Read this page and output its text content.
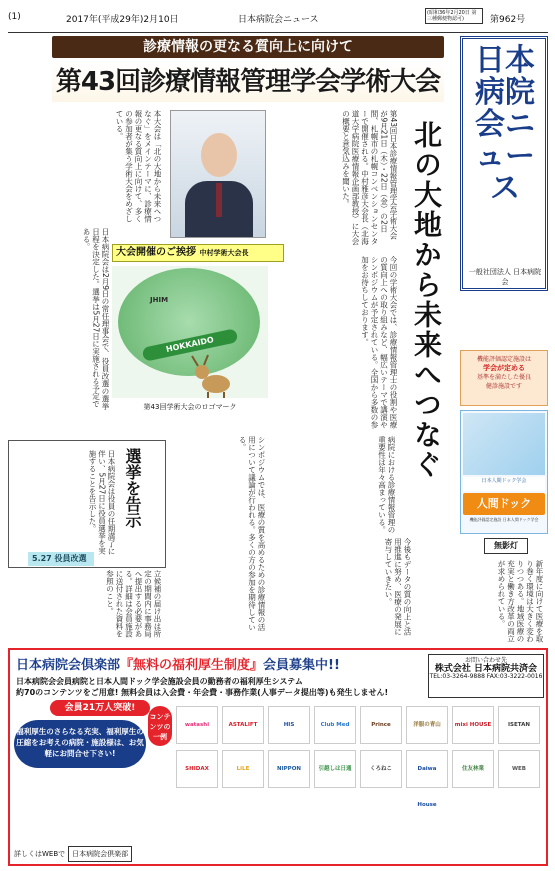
(1)	2017年(平成29年)2月10日	日本病院会ニュース
(昭和36年2月20日 第三種郵便物認可)	第962号
診療情報の更なる質向上に向けて
第43回診療情報管理学会学術大会
日本病院会ニュース
一般社団法人 日本病院会
機能評価認定施設は
学会が定める
基準を満たした優良
健診施設です
日本人間ドック学会
人間ドック
機能評価認定施設 日本人間ドック学会
北の大地から未来へつなぐ
第43回日本診療情報管理学会学術大会が9月21日（木）・22日（金）の2日間、札幌市の札幌コンベンションセンターで開催される。中村雅彦大会長（北海道大学病院医療情報企画部教授）に大会の概要と意気込みを聞いた。
本大会は「北の大地から未来へつなぐ」をメインテーマに、診療情報の更なる質向上に向けて、多くの参加者が集う学術大会をめざしている。
大会開催のご挨拶 中村学術大会長
今回の学術大会では、診療情報管理士の役割や医療の質向上への取り組みなど、幅広いテーマで講演やシンポジウムが予定されている。全国から多数の参加をお待ちしております。
JHIM
HOKKAIDO
第43回学術大会のロゴマーク
日本病院会は2月9日の常任理事会で、役員改選の選挙日程を決定した。選挙は5月27日に実施される予定である。
選挙を告示
日本病院会は役員の任期満了に伴い、5月27日に役員選挙を実施することを告示した。
5.27 役員改選
立候補の届け出は所定の期間内に事務局へ提出する必要がある。詳細は会員施設に送付された資料を参照のこと。	シンポジウムでは、医療の質を高めるための診療情報の活用について議論が行われる。多くの方の参加を期待している。	病院における診療情報管理の重要性は年々高まっている。
今後もデータの質の向上と活用推進に努め、医療の発展に寄与していきたい。	無影灯
新年度に向けて医療を取り巻く環境は大きく変わりつつある。地域医療の充実と働き方改革の両立が求められている。
日本病院会倶楽部『無料の福利厚生制度』会員募集中!!	お問い合わせ先
株式会社 日本病院共済会
TEL:03-3264-9888 FAX:03-3222-0016
日本病院会会員病院と日本人間ドック学会施設会員の勤務者の福利厚生システム
約70のコンテンツをご用意! 無料会員は入会費・年会費・事務作業(人事データ提出等)も発生しません!
会員21万人突破!
福利厚生のさらなる充実、福利厚生の圧縮をお考えの病院・施設様は、お気軽にお問合せ下さい!
コンテンツの一例
watashi	ASTALIFT	HIS	Club Med	Prince	洋服の青山	mixi HOUSE	ISETAN
SHIDAX	LiLE	NIPPON	引越しは日通	くろねこ	Daiwa House
住友林業	WEB
詳しくはWEBで 日本病院会倶楽部
